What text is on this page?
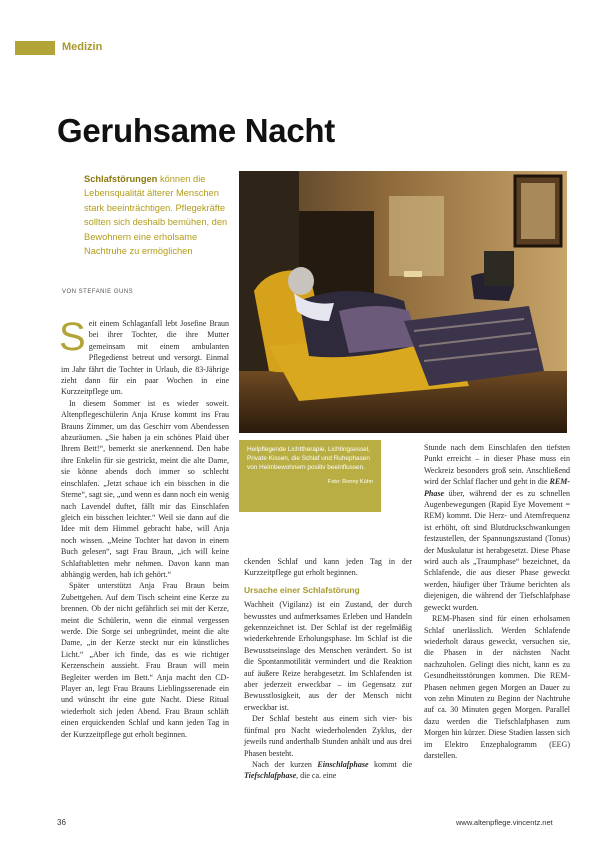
Medizin
Geruhsame Nacht
Schlafstörungen können die Lebensqualität älterer Menschen stark beeinträchtigen. Pflegekräfte sollten sich deshalb bemühen, den Bewohnern eine erholsame Nachtruhe zu ermöglichen
VON STEFANIE GUNS
Heilpflegende Lichttherapie, Lichtingsessel, Private Kissen, die Schlaf und Ruhephasen von Heimbewohnern positiv beeinflussen.
Foto: Ronny Kühn
S eit einem Schlaganfall lebt Josefine Braun bei ihrer Tochter, die ihre Mutter gemeinsam mit einem ambulanten Pflegedienst betreut und versorgt. Einmal im Jahr fährt die Tochter in Urlaub, die 83-Jährige zieht dann für ein paar Wochen in eine Kurzzeitpflege um.

In diesem Sommer ist es wieder soweit. Altenpflegeschülerin Anja Kruse kommt ins Frau Brauns Zimmer, um das Geschirr vom Abendessen abzuräumen. „Sie haben ja ein schönes Plaid über Ihrem Bett!“, bemerkt sie anerkennend. Den habe ihre Enkelin für sie gestrickt, meint die alte Dame, sie könne abends doch immer so schlecht einschlafen. „Jetzt schaue ich ein bisschen in die Sterne“, sagt sie, „und wenn es dann noch ein wenig nach Lavendel duftet, fällt mir das Einschlafen gleich ein bisschen leichter.“ Weil sie dann auf die Idee mit dem Himmel gebracht habe, will Anja noch wissen. „Meine Tochter hat davon in einem Buch gelesen“, sagt Frau Braun, „ich will keine Schlaftabletten mehr nehmen. Davon kann man abhängig werden, hab ich gehört.“

Später unterstützt Anja Frau Braun beim Zubettgehen. Auf dem Tisch scheint eine Kerze zu brennen. Ob der nicht gefährlich sei mit der Kerze, meint die Schülerin, wenn die einmal vergessen werde. Die Sorge sei unbegründet, meint die alte Dame, „in der Kerze steckt nur ein künstliches Licht.“ „Aber ich finde, das es wie richtiger Kerzenschein aussieht. Frau Braun will mein Begleiter werden im Bett.“ Anja macht den CD-Player an, legt Frau Brauns Lieblingsserenade ein und wünscht ihr eine gute Nacht. Diese Ritual wiederholt sich jeden Abend. Frau Braun schläft einen erquickenden Schlaf und kann jeden Tag in der Kurzzeitpflege gut erholt beginnen.

ckenden Schlaf und kann jeden Tag in der Kurzzeitpflege gut erholt beginnen.

Ursache einer Schlafstörung

Wachheit (Vigilanz) ist ein Zustand, der durch bewusstes und aufmerksames Erleben und Handeln gekennzeichnet ist. Der Schlaf ist der regelmäßig wiederkehrende Erholungsphase. Im Schlaf ist die Bewusstseinslage des Menschen verändert. So ist die Spontanmotilität vermindert und die Reaktion auf äußere Reize herabgesetzt. Im Schlafenden ist aber jederzeit erweckbar – im Gegensatz zur Bewusstlosigkeit, aus der der Mensch nicht erweckbar ist.

Der Schlaf besteht aus einem sich vier- bis fünfmal pro Nacht wiederholenden Zyklus, der jeweils rund anderthalb Stunden anhält und aus drei Phasen besteht.

Nach der kurzen Einschlafphase kommt die Tiefschlafphase, die ca. eine

Stunde nach dem Einschlafen den tiefsten Punkt erreicht – in dieser Phase muss ein Weckreiz besonders groß sein. Anschließend wird der Schlaf flacher und geht in die REM-Phase über, während der es zu schnellen Augenbewegungen (Rapid Eye Movement = REM) kommt. Die Herz- und Atemfrequenz ist erhöht, oft sind Blutdruckschwankungen festzustellen, der Spannungszustand (Tonus) der Muskulatur ist herabgesetzt. Diese Phase wird auch als „Traumphase“ bezeichnet, da Schlafende, die aus dieser Phase geweckt werden, häufiger über Träume berichten als diejenigen, die während der Tiefschlafphase geweckt wurden.

REM-Phasen sind für einen erholsamen Schlaf unerlässlich. Werden Schlafende wiederholt daraus geweckt, versuchen sie, die Phasen in der nächsten Nacht nachzuholen. Gelingt dies nicht, kann es zu Gesundheitsstörungen kommen. Die REM-Phasen nehmen gegen Morgen an Dauer zu von zehn Minuten zu Beginn der Nachtruhe auf ca. 30 Minuten gegen Morgen. Parallel dazu werden die Tiefschlafphasen zum Morgen hin kürzer. Diese Stadien lassen sich im Elektro Enzephalogramm (EEG) darstellen.

36	www.altenpflege.vincentz.net
